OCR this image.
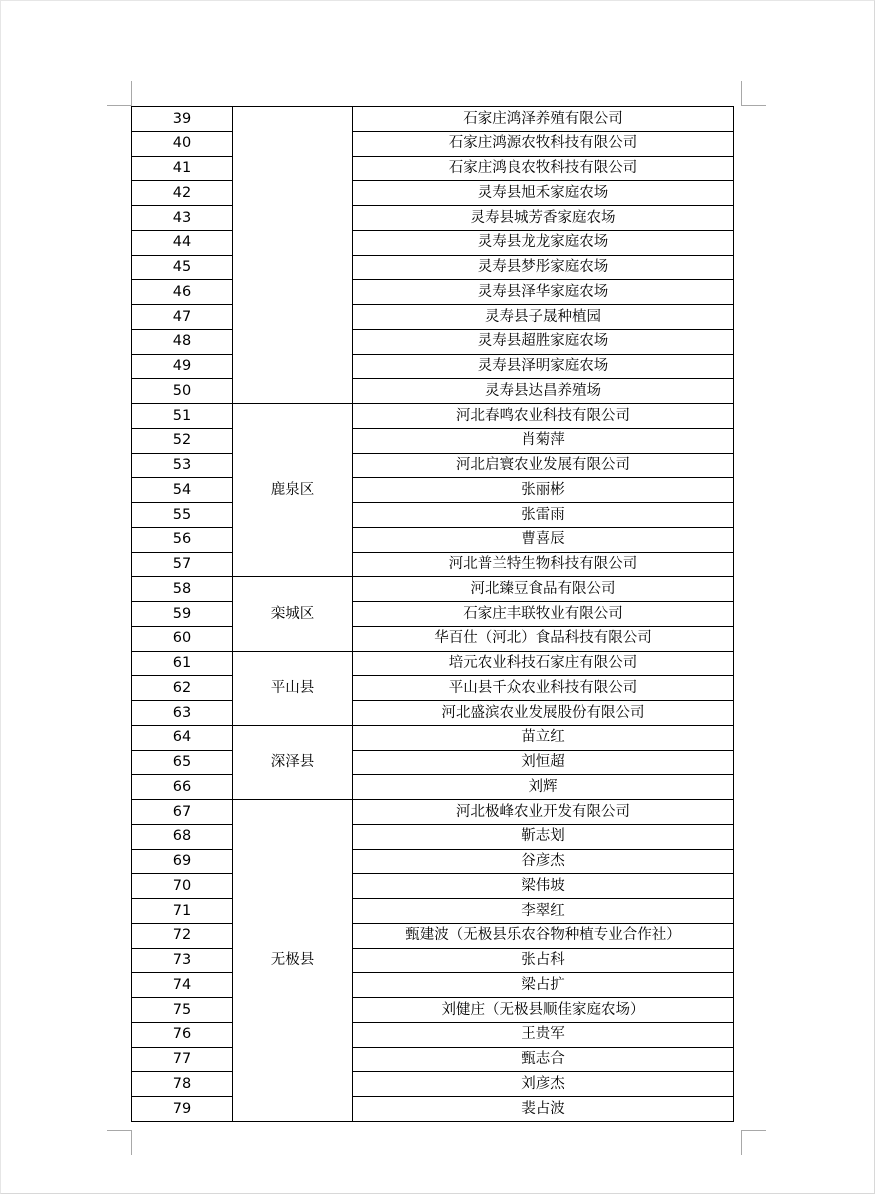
39		石家庄鸿泽养殖有限公司
40		石家庄鸿源农牧科技有限公司
41		石家庄鸿良农牧科技有限公司
42		灵寿县旭禾家庭农场
43		灵寿县城芳香家庭农场
44		灵寿县龙龙家庭农场
45		灵寿县梦彤家庭农场
46		灵寿县泽华家庭农场
47		灵寿县子晟种植园
48		灵寿县超胜家庭农场
49		灵寿县泽明家庭农场
50		灵寿县达昌养殖场
51	鹿泉区	河北春鸣农业科技有限公司
52		肖菊萍
53		河北启寰农业发展有限公司
54		张丽彬
55		张雷雨
56		曹喜辰
57		河北普兰特生物科技有限公司
58	栾城区	河北臻豆食品有限公司
59		石家庄丰联牧业有限公司
60		华百仕（河北）食品科技有限公司
61	平山县	培元农业科技石家庄有限公司
62		平山县千众农业科技有限公司
63		河北盛滨农业发展股份有限公司
64	深泽县	苗立红
65		刘恒超
66		刘辉
67	无极县	河北极峰农业开发有限公司
68		靳志划
69		谷彦杰
70		梁伟坡
71		李翠红
72		甄建波（无极县乐农谷物种植专业合作社）
73		张占科
74		梁占扩
75		刘健庄（无极县顺佳家庭农场）
76		王贵军
77		甄志合
78		刘彦杰
79		裴占波
